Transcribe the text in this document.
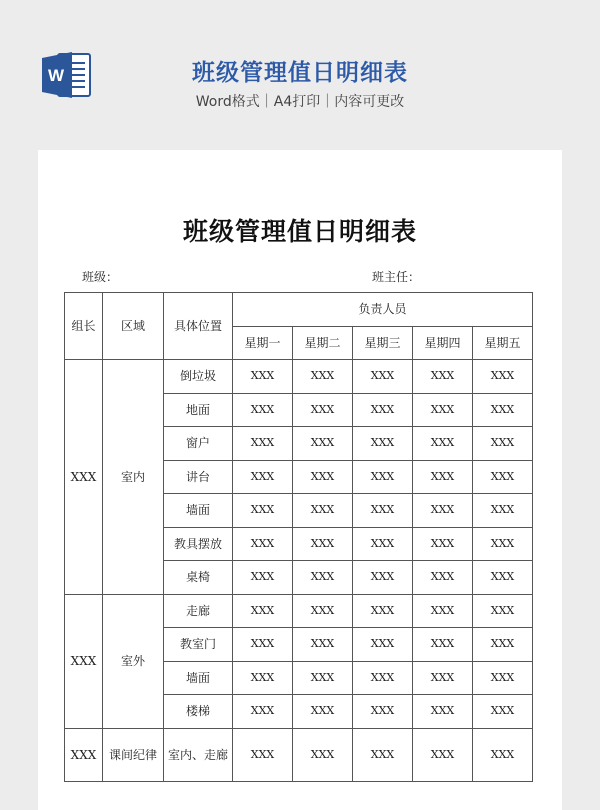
W	班级管理值日明细表
Word格式｜A4打印｜内容可更改
班级管理值日明细表
班级：	班主任：
组长	区域	具体位置	负责人员				
			星期一	星期二	星期三	星期四	星期五
XXX	室内	倒垃圾	XXX	XXX	XXX	XXX	XXX
		地面	XXX	XXX	XXX	XXX	XXX
		窗户	XXX	XXX	XXX	XXX	XXX
		讲台	XXX	XXX	XXX	XXX	XXX
		墙面	XXX	XXX	XXX	XXX	XXX
		教具摆放	XXX	XXX	XXX	XXX	XXX
		桌椅	XXX	XXX	XXX	XXX	XXX
XXX	室外	走廊	XXX	XXX	XXX	XXX	XXX
		教室门	XXX	XXX	XXX	XXX	XXX
		墙面	XXX	XXX	XXX	XXX	XXX
		楼梯	XXX	XXX	XXX	XXX	XXX
XXX	课间纪律	室内、走廊	XXX	XXX	XXX	XXX	XXX
